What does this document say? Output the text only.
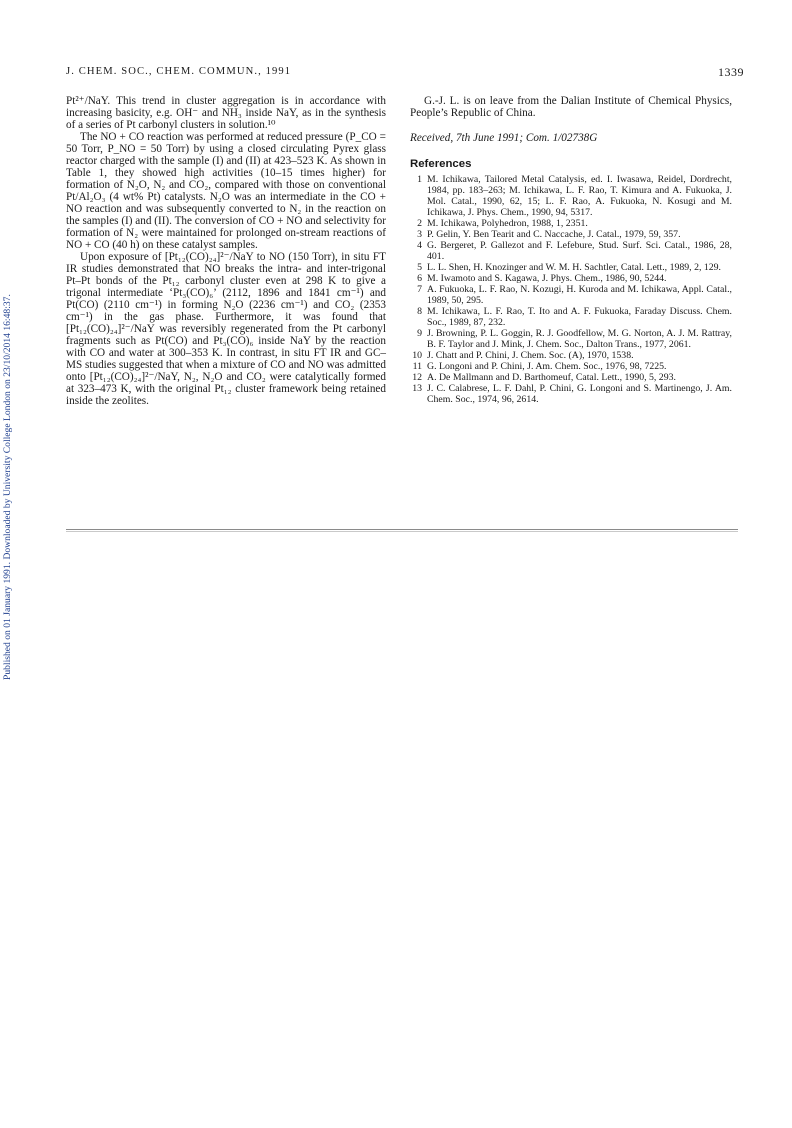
Published on 01 January 1991. Downloaded by University College London on 23/10/2014 16:48:37.
J. CHEM. SOC., CHEM. COMMUN., 1991	1339

Pt²⁺/NaY. This trend in cluster aggregation is in accordance with increasing basicity, e.g. OH⁻ and NH₃ inside NaY, as in the synthesis of a series of Pt carbonyl clusters in solution.¹⁰

The NO + CO reaction was performed at reduced pressure (P_CO = 50 Torr, P_NO = 50 Torr) by using a closed circulating Pyrex glass reactor charged with the sample (I) and (II) at 423–523 K. As shown in Table 1, they showed high activities (10–15 times higher) for formation of N₂O, N₂ and CO₂, compared with those on conventional Pt/Al₂O₃ (4 wt% Pt) catalysts. N₂O was an intermediate in the CO + NO reaction and was subsequently converted to N₂ in the reaction on the samples (I) and (II). The conversion of CO + NO and selectivity for formation of N₂ were maintained for prolonged on-stream reactions of NO + CO (40 h) on these catalyst samples.

Upon exposure of [Pt₁₂(CO)₂₄]²⁻/NaY to NO (150 Torr), in situ FT IR studies demonstrated that NO breaks the intra- and inter-trigonal Pt–Pt bonds of the Pt₁₂ carbonyl cluster even at 298 K to give a trigonal intermediate ‘Pt₃(CO)₆’ (2112, 1896 and 1841 cm⁻¹) and Pt(CO) (2110 cm⁻¹) in forming N₂O (2236 cm⁻¹) and CO₂ (2353 cm⁻¹) in the gas phase. Furthermore, it was found that [Pt₁₂(CO)₂₄]²⁻/NaY was reversibly regenerated from the Pt carbonyl fragments such as Pt(CO) and Pt₃(CO)₆ inside NaY by the reaction with CO and water at 300–353 K. In contrast, in situ FT IR and GC–MS studies suggested that when a mixture of CO and NO was admitted onto [Pt₁₂(CO)₂₄]²⁻/NaY, N₂, N₂O and CO₂ were catalytically formed at 323–473 K, with the original Pt₁₂ cluster framework being retained inside the zeolites.

G.-J. L. is on leave from the Dalian Institute of Chemical Physics, People’s Republic of China.

Received, 7th June 1991; Com. 1/02738G

References
1 M. Ichikawa, Tailored Metal Catalysis, ed. I. Iwasawa, Reidel, Dordrecht, 1984, pp. 183–263; M. Ichikawa, L. F. Rao, T. Kimura and A. Fukuoka, J. Mol. Catal., 1990, 62, 15; L. F. Rao, A. Fukuoka, N. Kosugi and M. Ichikawa, J. Phys. Chem., 1990, 94, 5317.
2 M. Ichikawa, Polyhedron, 1988, 1, 2351.
3 P. Gelin, Y. Ben Tearit and C. Naccache, J. Catal., 1979, 59, 357.
4 G. Bergeret, P. Gallezot and F. Lefebure, Stud. Surf. Sci. Catal., 1986, 28, 401.
5 L. L. Shen, H. Knozinger and W. M. H. Sachtler, Catal. Lett., 1989, 2, 129.
6 M. Iwamoto and S. Kagawa, J. Phys. Chem., 1986, 90, 5244.
7 A. Fukuoka, L. F. Rao, N. Kozugi, H. Kuroda and M. Ichikawa, Appl. Catal., 1989, 50, 295.
8 M. Ichikawa, L. F. Rao, T. Ito and A. F. Fukuoka, Faraday Discuss. Chem. Soc., 1989, 87, 232.
9 J. Browning, P. L. Goggin, R. J. Goodfellow, M. G. Norton, A. J. M. Rattray, B. F. Taylor and J. Mink, J. Chem. Soc., Dalton Trans., 1977, 2061.
10 J. Chatt and P. Chini, J. Chem. Soc. (A), 1970, 1538.
11 G. Longoni and P. Chini, J. Am. Chem. Soc., 1976, 98, 7225.
12 A. De Mallmann and D. Barthomeuf, Catal. Lett., 1990, 5, 293.
13 J. C. Calabrese, L. F. Dahl, P. Chini, G. Longoni and S. Martinengo, J. Am. Chem. Soc., 1974, 96, 2614.
